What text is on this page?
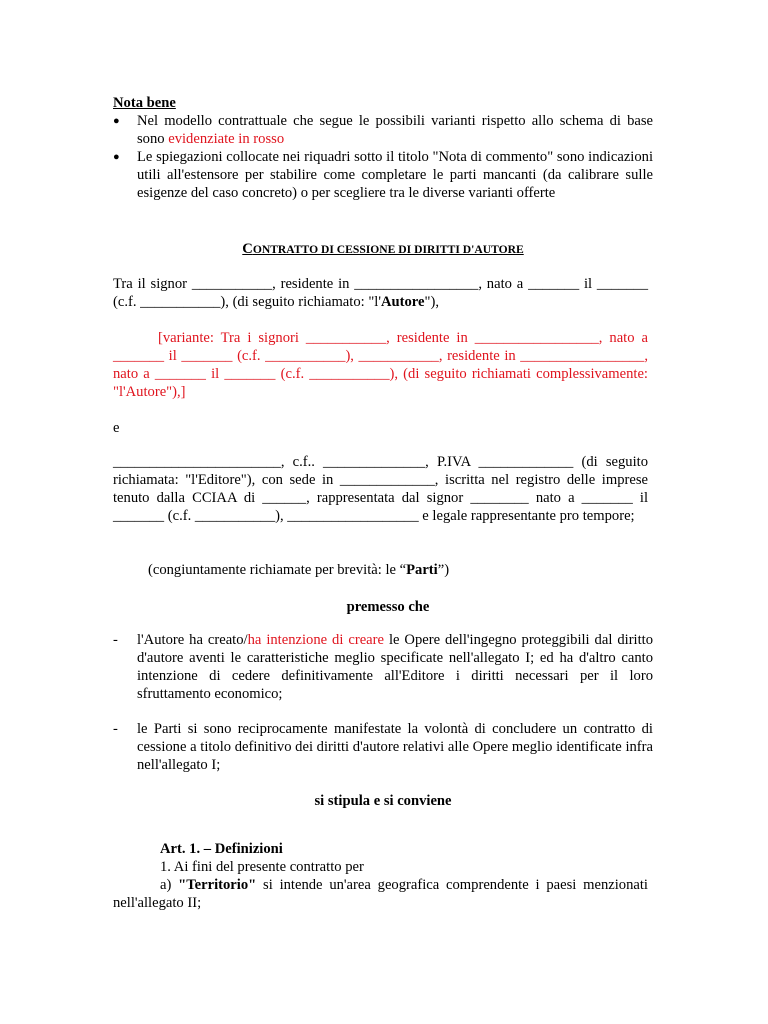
Nota bene
● Nel modello contrattuale che segue le possibili varianti rispetto allo schema di base sono evidenziate in rosso
● Le spiegazioni collocate nei riquadri sotto il titolo "Nota di commento" sono indicazioni utili all'estensore per stabilire come completare le parti mancanti (da calibrare sulle esigenze del caso concreto) o per scegliere tra le diverse varianti offerte
CONTRATTO DI CESSIONE DI DIRITTI D'AUTORE
Tra il signor ___________, residente in _________________, nato a _______ il _______ (c.f. ___________), (di seguito richiamato: "l'Autore"),
[variante: Tra i signori ___________, residente in _________________, nato a _______ il _______ (c.f. ___________), ___________, residente in _________________, nato a _______ il _______ (c.f. ___________), (di seguito richiamati complessivamente: "l'Autore"),]
e
_______________________, c.f.. ______________, P.IVA _____________ (di seguito richiamata: "l'Editore"), con sede in _____________, iscritta nel registro delle imprese tenuto dalla CCIAA di ______, rappresentata dal signor ________ nato a _______ il _______ (c.f. ___________), __________________ e legale rappresentante pro tempore;
(congiuntamente richiamate per brevità: le “Parti”)
premesso che
- l'Autore ha creato/ha intenzione di creare le Opere dell'ingegno proteggibili dal diritto d'autore aventi le caratteristiche meglio specificate nell'allegato I; ed ha d'altro canto intenzione di cedere definitivamente all'Editore i diritti necessari per il loro sfruttamento economico;
- le Parti si sono reciprocamente manifestate la volontà di concludere un contratto di cessione a titolo definitivo dei diritti d'autore relativi alle Opere meglio identificate infra nell'allegato I;
si stipula e si conviene
Art. 1. – Definizioni
1. Ai fini del presente contratto per
a) "Territorio" si intende un'area geografica comprendente i paesi menzionati nell'allegato II;
